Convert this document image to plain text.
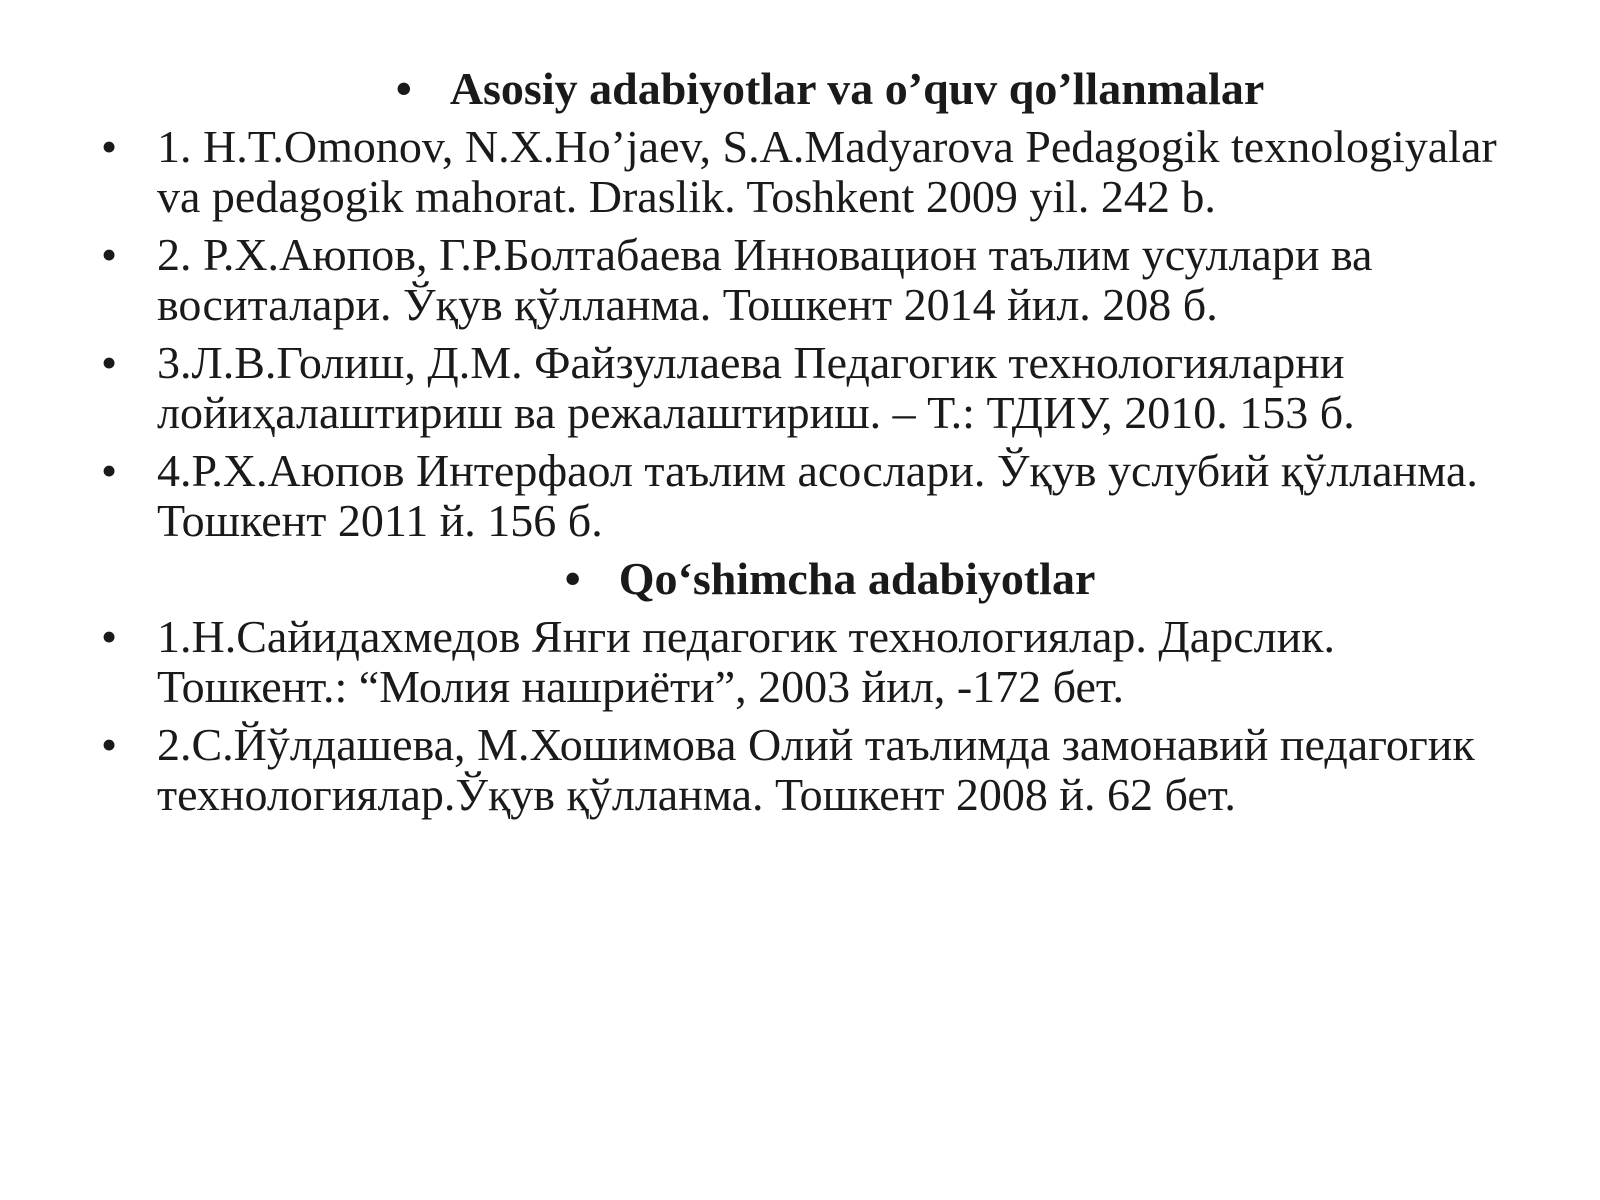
• Asosiy adabiyotlar va o’quv qo’llanmalar
• 1. H.T.Omonov, N.X.Ho’jaev, S.A.Madyarova Pedagogik texnologiyalar va pedagogik mahorat. Draslik. Toshkent 2009 yil. 242 b.
• 2. Р.Х.Аюпов, Г.Р.Болтабаева Инновацион таълим усуллари ва воситалари. Ўқув қўлланма. Тошкент 2014 йил. 208 б.
• 3.Л.В.Голиш, Д.М. Файзуллаева Педагогик технологияларни лойиҳалаштириш ва режалаштириш. – Т.: ТДИУ, 2010. 153 б.
• 4.Р.Х.Аюпов Интерфаол таълим асослари. Ўқув услубий қўлланма. Тошкент 2011 й. 156 б.
• Qo‘shimcha adabiyotlar
• 1.Н.Сайидахмедов Янги педагогик технологиялар. Дарслик. Тошкент.: “Молия нашриёти”, 2003 йил, -172 бет.
• 2.С.Йўлдашева, М.Хошимова Олий таълимда замонавий педагогик технологиялар.Ўқув қўлланма. Тошкент 2008 й. 62 бет.
